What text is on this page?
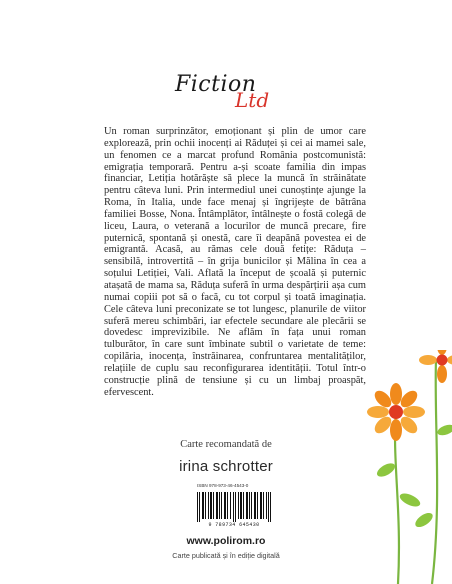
Fiction
Ltd

Un roman surprinzător, emoționant și plin de umor care explorează, prin ochii inocenți ai Răduței și cei ai mamei sale, un fenomen ce a marcat profund România postcomunistă: emigrația temporară. Pentru a-și scoate familia din impas financiar, Letiția hotărăște să plece la muncă în străinătate pentru câteva luni. Prin intermediul unei cunoștințe ajunge la Roma, în Italia, unde face menaj și îngrijește de bătrâna familiei Bosse, Nona. Întâmplător, întâlnește o fostă colegă de liceu, Laura, o veterană a locurilor de muncă precare, fire puternică, spontană și onestă, care îi deapănă povestea ei de emigrantă. Acasă, au rămas cele două fetițe: Răduța – sensibilă, introvertită – în grija bunicilor și Mălina în cea a soțului Letiției, Vali. Aflată la început de școală și puternic atașată de mama sa, Răduța suferă în urma despărțirii așa cum numai copiii pot să o facă, cu tot corpul și toată imaginația. Cele câteva luni preconizate se tot lungesc, planurile de viitor suferă mereu schimbări, iar efectele secundare ale plecării se dovedesc imprevizibile. Ne aflăm în fața unui roman tulburător, în care sunt îmbinate subtil o varietate de teme: copilăria, inocența, înstrăinarea, confruntarea mentalităților, relațiile de cuplu sau reconfigurarea identității. Totul într-o construcție plină de tensiune și cu un limbaj proaspăt, efervescent.

Carte recomandată de
irina schrotter
ISBN 978-973-46-4543-0
9 789734 645430
www.polirom.ro
Carte publicată și în ediție digitală
